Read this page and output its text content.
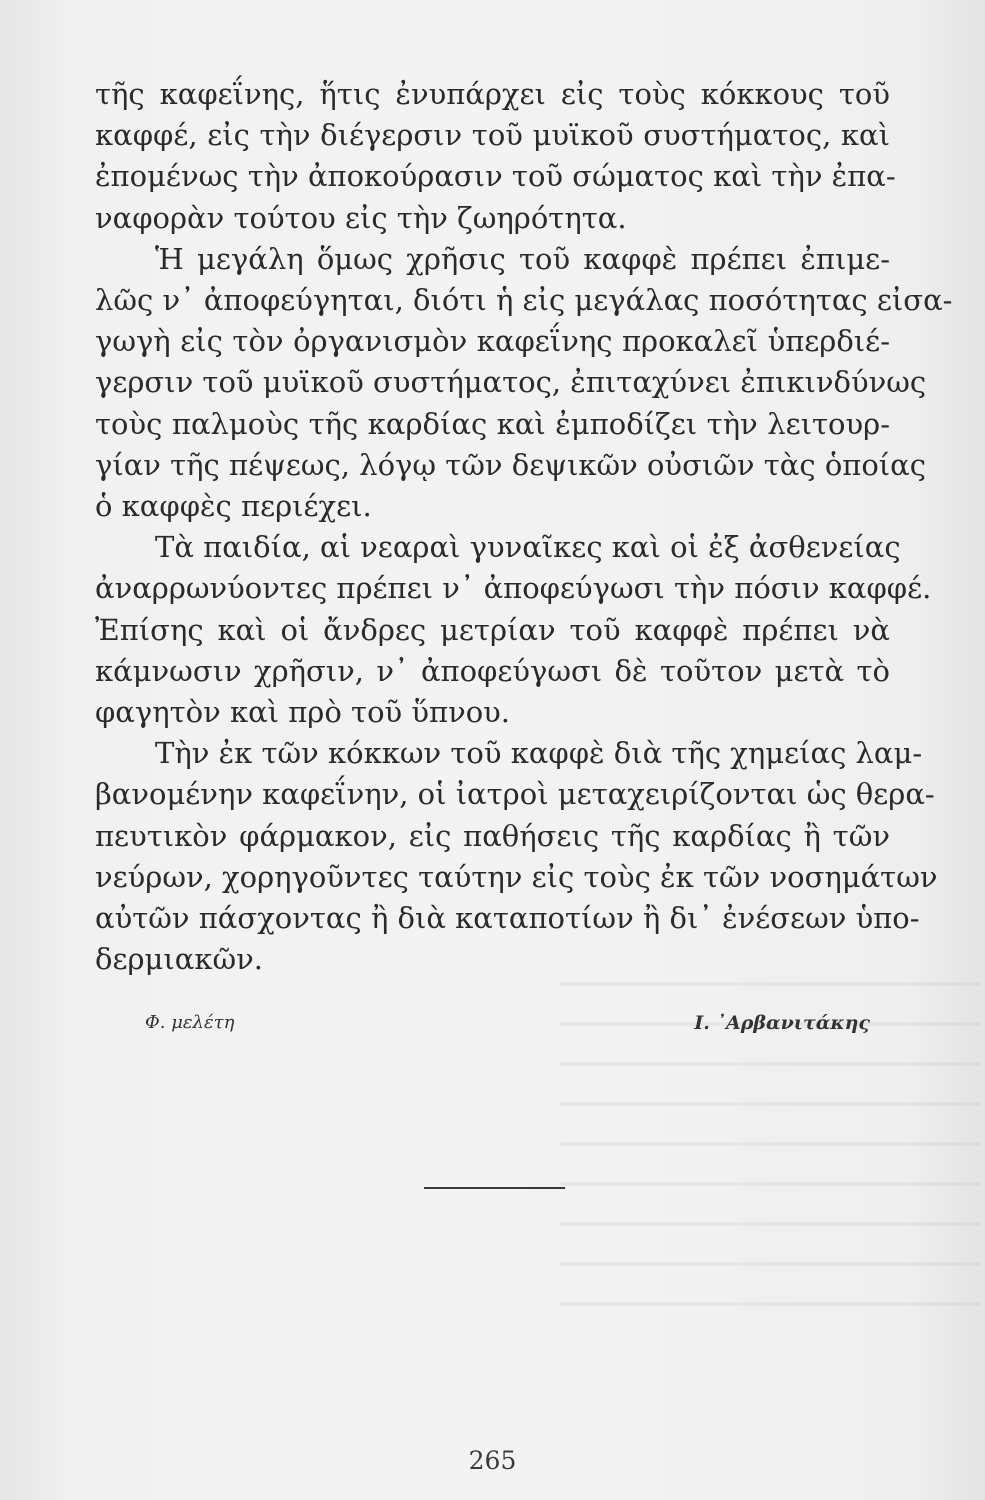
τῆς καφεΐνης, ἥτις ἐνυπάρχει εἰς τοὺς κόκκους τοῦ
καφφέ, εἰς τὴν διέγερσιν τοῦ μυϊκοῦ συστήματος, καὶ
ἐπομένως τὴν ἀποκούρασιν τοῦ σώματος καὶ τὴν ἐπα-
ναφορὰν τούτου εἰς τὴν ζωηρότητα.

Ἡ μεγάλη ὅμως χρῆσις τοῦ καφφὲ πρέπει ἐπιμε-
λῶς ν᾽ ἀποφεύγηται, διότι ἡ εἰς μεγάλας ποσότητας εἰσα-
γωγὴ εἰς τὸν ὀργανισμὸν καφεΐνης προκαλεῖ ὑπερδιέ-
γερσιν τοῦ μυϊκοῦ συστήματος, ἐπιταχύνει ἐπικινδύνως
τοὺς παλμοὺς τῆς καρδίας καὶ ἐμποδίζει τὴν λειτουρ-
γίαν τῆς πέψεως, λόγῳ τῶν δεψικῶν οὐσιῶν τὰς ὁποίας
ὁ καφφὲς περιέχει.

Τὰ παιδία, αἱ νεαραὶ γυναῖκες καὶ οἱ ἐξ ἀσθενείας
ἀναρρωνύοντες πρέπει ν᾽ ἀποφεύγωσι τὴν πόσιν καφφέ.
Ἐπίσης καὶ οἱ ἄνδρες μετρίαν τοῦ καφφὲ πρέπει νὰ
κάμνωσιν χρῆσιν, ν᾽ ἀποφεύγωσι δὲ τοῦτον μετὰ τὸ
φαγητὸν καὶ πρὸ τοῦ ὕπνου.

Τὴν ἐκ τῶν κόκκων τοῦ καφφὲ διὰ τῆς χημείας λαμ-
βανομένην καφεΐνην, οἱ ἰατροὶ μεταχειρίζονται ὡς θερα-
πευτικὸν φάρμακον, εἰς παθήσεις τῆς καρδίας ἢ τῶν
νεύρων, χορηγοῦντες ταύτην εἰς τοὺς ἐκ τῶν νοσημάτων
αὐτῶν πάσχοντας ἢ διὰ καταποτίων ἢ δι᾽ ἐνέσεων ὑπο-
δερμιακῶν.

Φ. μελέτη	Ι. ᾽Αρβανιτάκης
265
